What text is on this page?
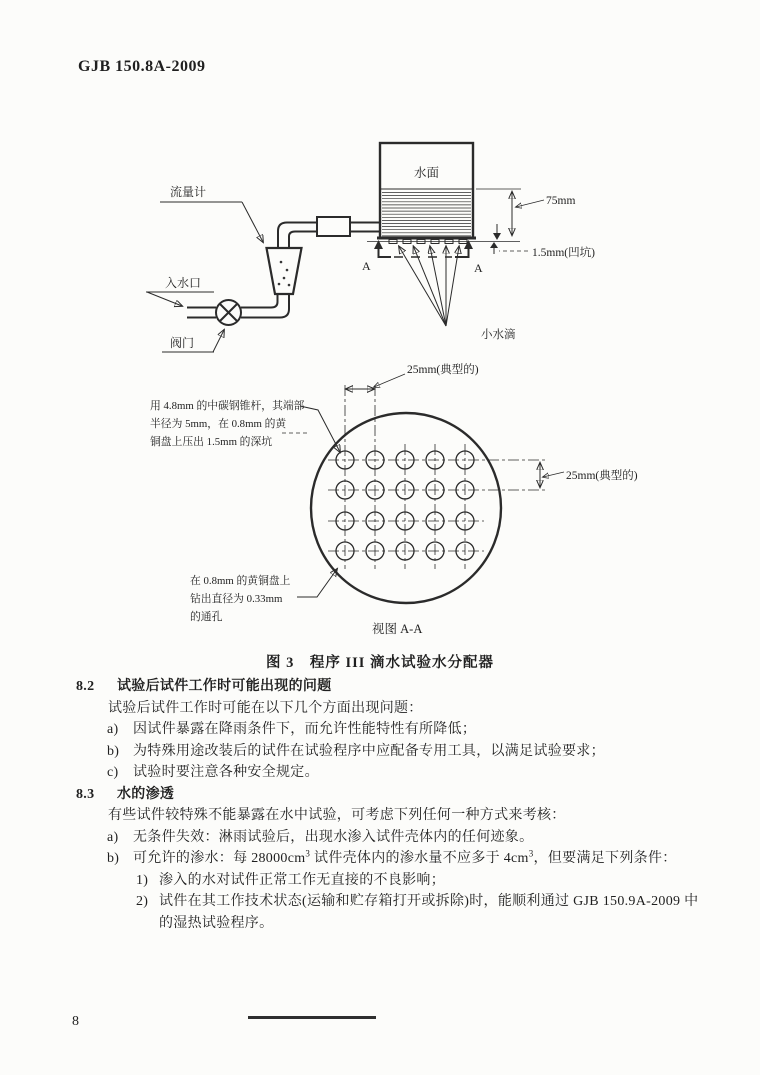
GJB 150.8A-2009
A	A
小水滴
75mm
1.5mm(凹坑)
流量计
入水口
阀门
水面
25mm(典型的)
25mm(典型的)
用 4.8mm 的中碳钢锥杆，其端部
半径为 5mm，在 0.8mm 的黄
铜盘上压出 1.5mm 的深坑
在 0.8mm 的黄铜盘上
钻出直径为 0.33mm
的通孔
视图 A-A
图 3　程序 III 滴水试验水分配器
8.2	试验后试件工作时可能出现的问题
试验后试件工作时可能在以下几个方面出现问题：
a)	因试件暴露在降雨条件下，而允许性能特性有所降低；
b) 为特殊用途改装后的试件在试验程序中应配备专用工具，以满足试验要求；
c)	试验时要注意各种安全规定。
8.3	水的渗透
有些试件较特殊不能暴露在水中试验，可考虑下列任何一种方式来考核：
a)	无条件失效：淋雨试验后，出现水渗入试件壳体内的任何迹象。
b) 可允许的渗水：每 $28000cm^3$ 试件壳体内的渗水量不应多于 $4cm^3$，但要满足下列条件：
1) 渗入的水对试件正常工作无直接的不良影响；
2) 试件在其工作技术状态(运输和贮存箱打开或拆除)时，能顺利通过 GJB 150.9A-2009 中
的湿热试验程序。
8
